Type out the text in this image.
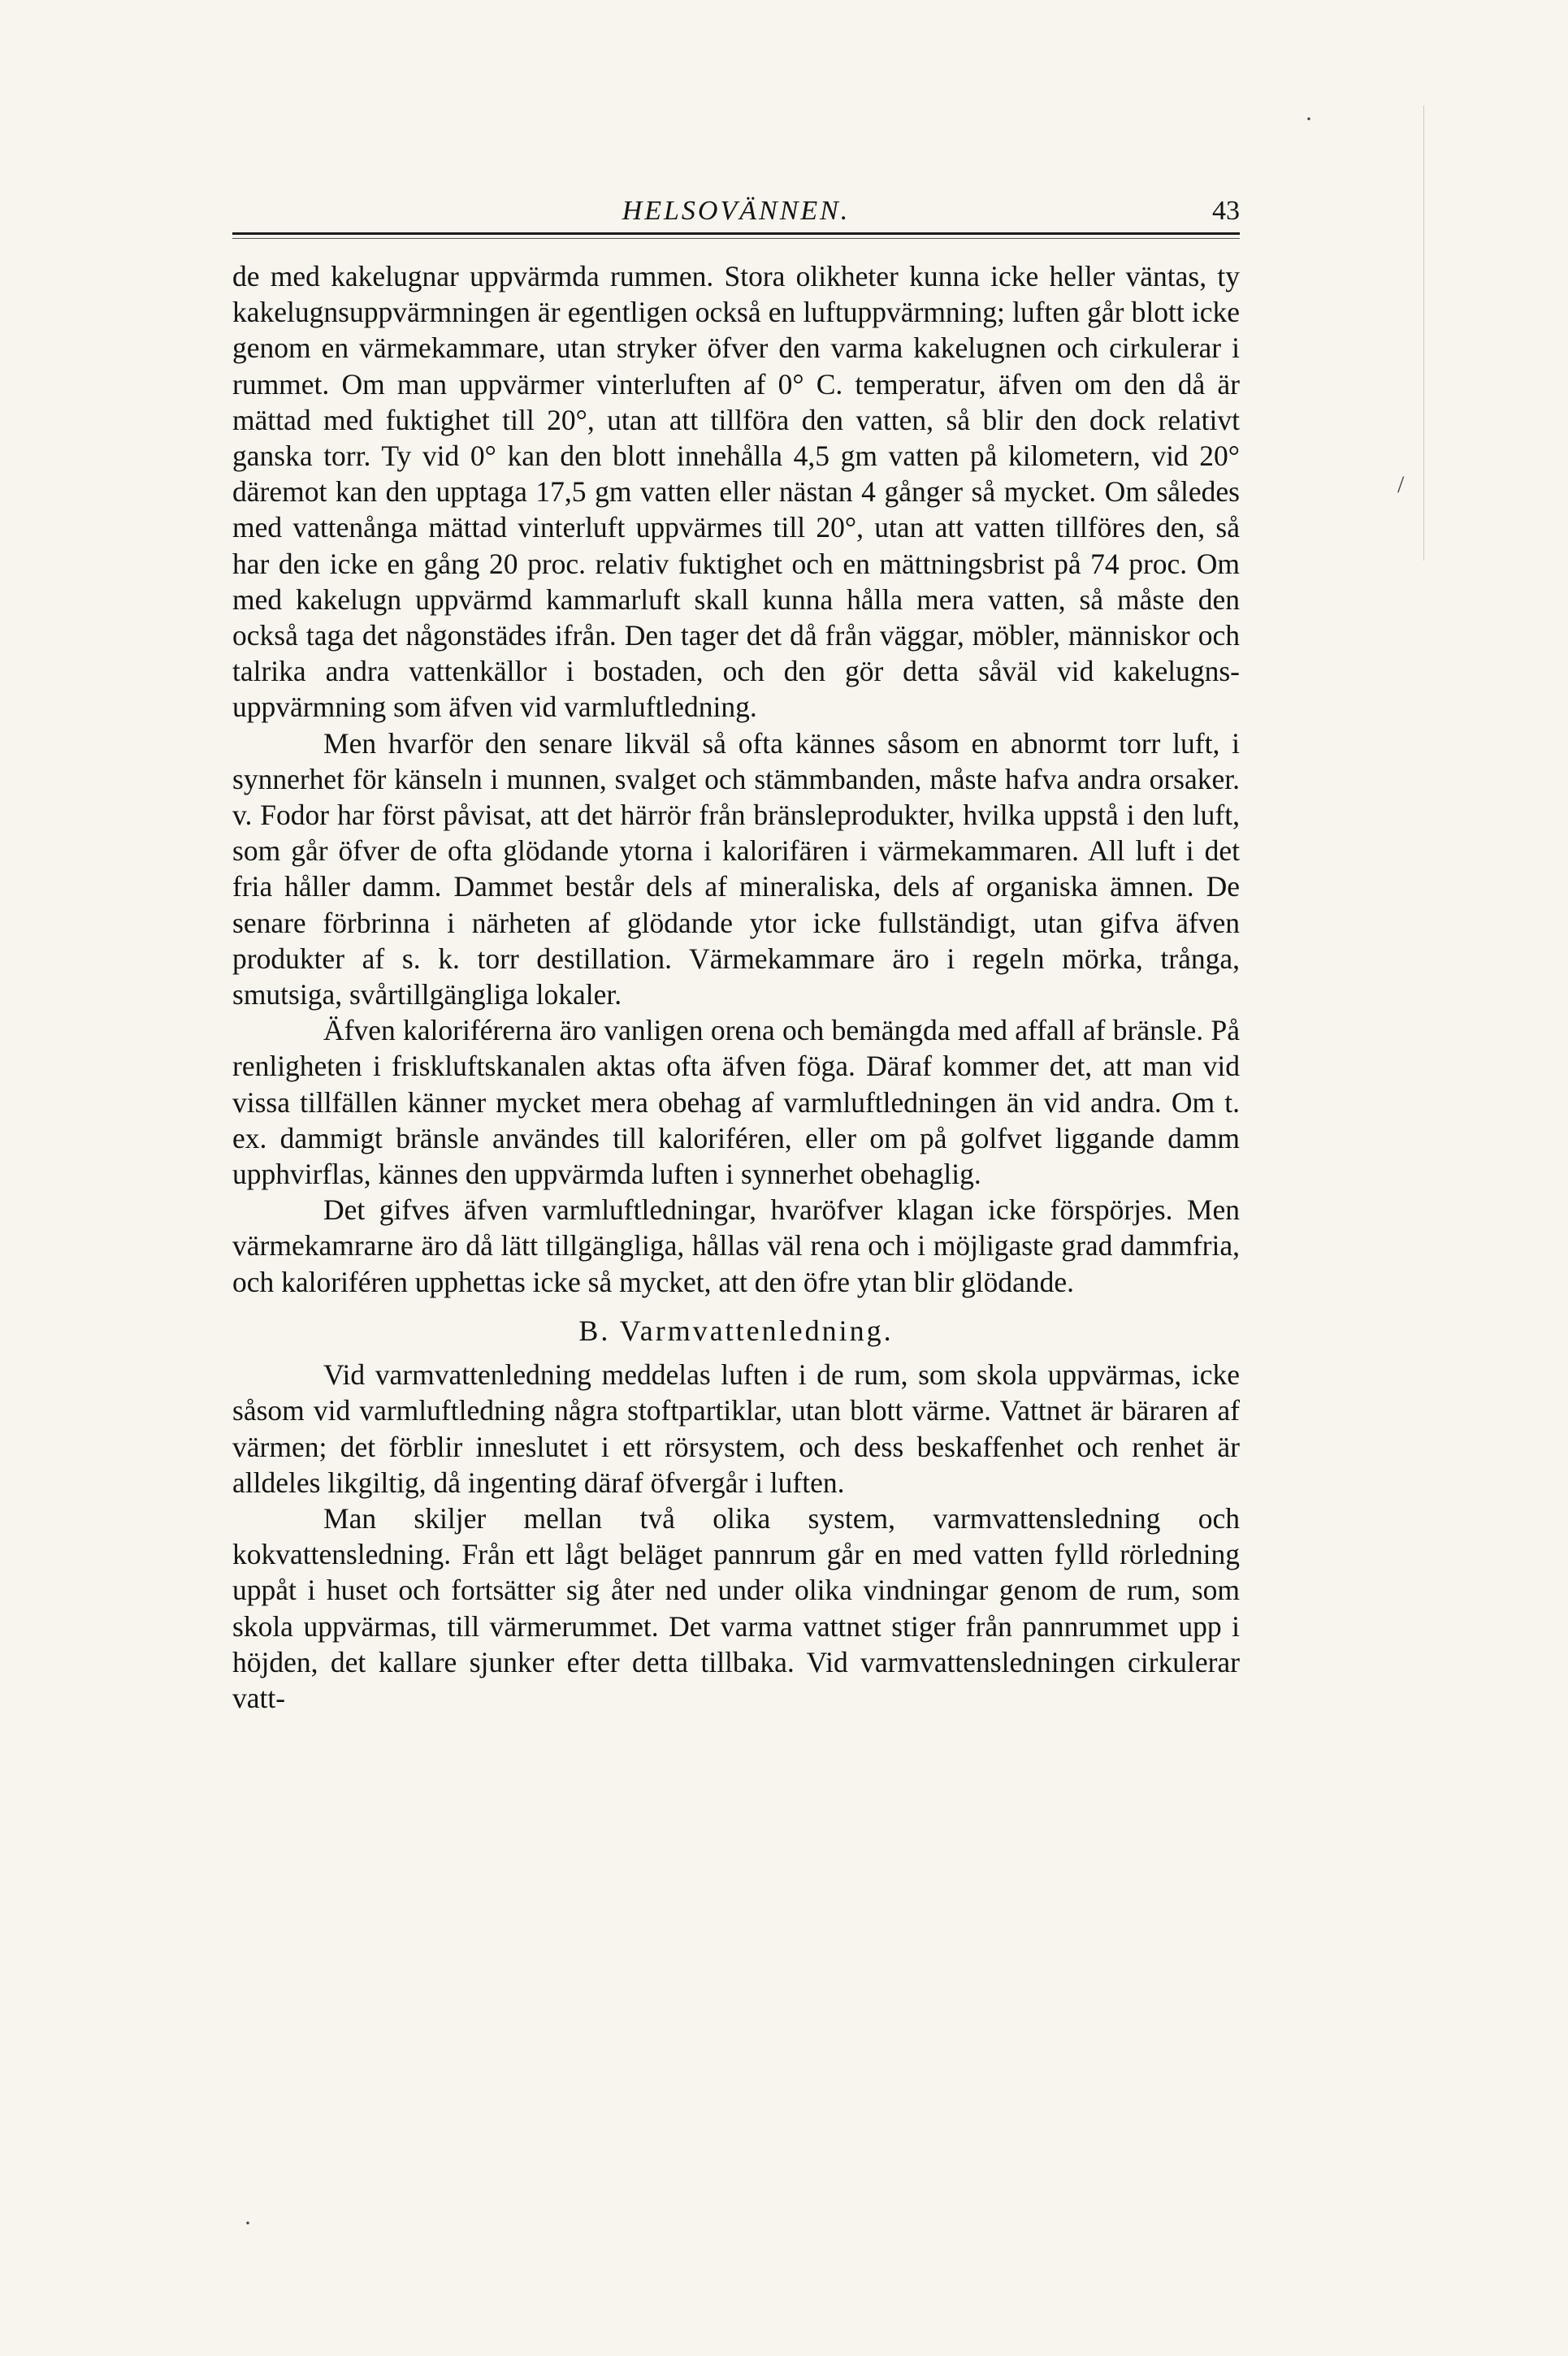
HELSOVÄNNEN.	43

de med kakelugnar uppvärmda rummen. Stora olikheter kunna icke heller väntas, ty kakelugnsuppvärmningen är egentligen också en luftuppvärmning; luften går blott icke genom en värmekammare, utan stryker öfver den varma kakelugnen och cirkulerar i rummet. Om man uppvärmer vinterluften af 0° C. temperatur, äfven om den då är mättad med fuktighet till 20°, utan att tillföra den vatten, så blir den dock relativt ganska torr. Ty vid 0° kan den blott innehålla 4,5 gm vatten på kilometern, vid 20° däremot kan den upptaga 17,5 gm vatten eller nästan 4 gånger så mycket. Om således med vattenånga mättad vinterluft uppvärmes till 20°, utan att vatten tillföres den, så har den icke en gång 20 proc. relativ fuktighet och en mättningsbrist på 74 proc. Om med kakelugn uppvärmd kammarluft skall kunna hålla mera vatten, så måste den också taga det någonstädes ifrån. Den tager det då från väggar, möbler, människor och talrika andra vattenkällor i bostaden, och den gör detta såväl vid kakelugns-uppvärmning som äfven vid varmluftledning.

Men hvarför den senare likväl så ofta kännes såsom en abnormt torr luft, i synnerhet för känseln i munnen, svalget och stämmbanden, måste hafva andra orsaker. v. Fodor har först påvisat, att det härrör från bränsleprodukter, hvilka uppstå i den luft, som går öfver de ofta glödande ytorna i kalorifären i värmekammaren. All luft i det fria håller damm. Dammet består dels af mineraliska, dels af organiska ämnen. De senare förbrinna i närheten af glödande ytor icke fullständigt, utan gifva äfven produkter af s. k. torr destillation. Värmekammare äro i regeln mörka, trånga, smutsiga, svårtillgängliga lokaler.

Äfven kaloriférerna äro vanligen orena och bemängda med affall af bränsle. På renligheten i friskluftskanalen aktas ofta äfven föga. Däraf kommer det, att man vid vissa tillfällen känner mycket mera obehag af varmluftledningen än vid andra. Om t. ex. dammigt bränsle användes till kaloriféren, eller om på golfvet liggande damm upphvirflas, kännes den uppvärmda luften i synnerhet obehaglig.

Det gifves äfven varmluftledningar, hvaröfver klagan icke förspörjes. Men värmekamrarne äro då lätt tillgängliga, hållas väl rena och i möjligaste grad dammfria, och kaloriféren upphettas icke så mycket, att den öfre ytan blir glödande.

B. Varmvattenledning.

Vid varmvattenledning meddelas luften i de rum, som skola uppvärmas, icke såsom vid varmluftledning några stoftpartiklar, utan blott värme. Vattnet är bäraren af värmen; det förblir inneslutet i ett rörsystem, och dess beskaffenhet och renhet är alldeles likgiltig, då ingenting däraf öfvergår i luften.

Man skiljer mellan två olika system, varmvattensledning och kokvattensledning. Från ett lågt beläget pannrum går en med vatten fylld rörledning uppåt i huset och fortsätter sig åter ned under olika vindningar genom de rum, som skola uppvärmas, till värmerummet. Det varma vattnet stiger från pannrummet upp i höjden, det kallare sjunker efter detta tillbaka. Vid varmvattensledningen cirkulerar vatt-

·
/
·
